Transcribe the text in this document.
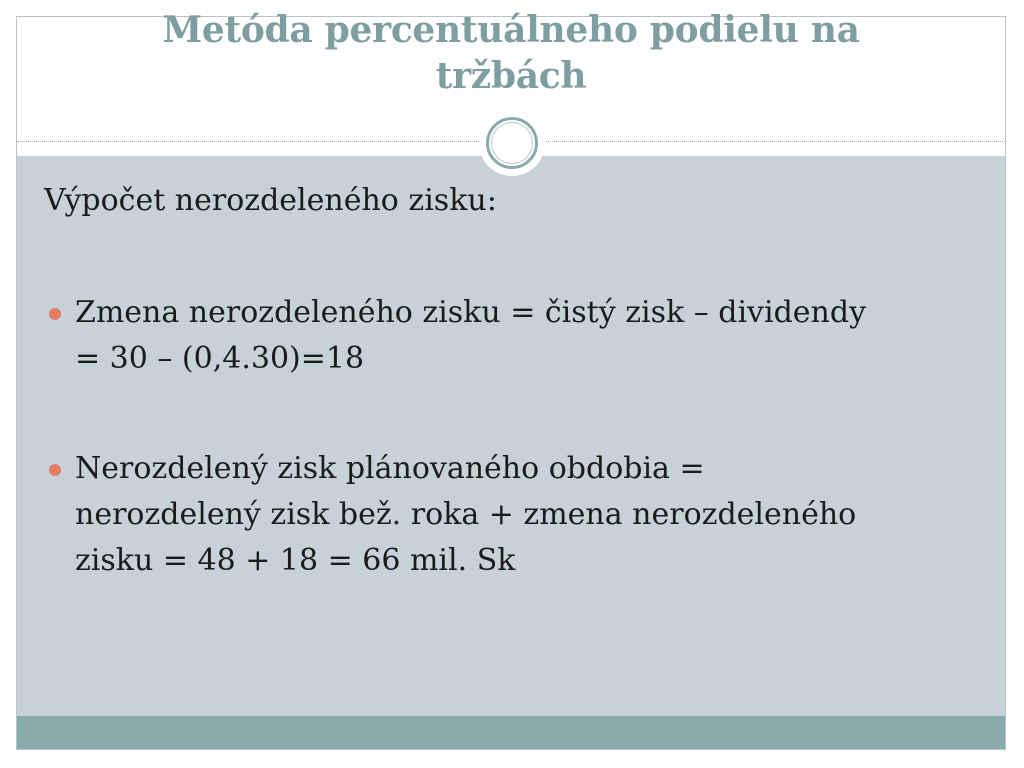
Metóda percentuálneho podielu na
tržbách

Výpočet nerozdeleného zisku:

Zmena nerozdeleného zisku = čistý zisk – dividendy
= 30 – (0,4.30)=18

Nerozdelený zisk plánovaného obdobia =
nerozdelený zisk bež. roka + zmena nerozdeleného
zisku = 48 + 18 = 66 mil. Sk
